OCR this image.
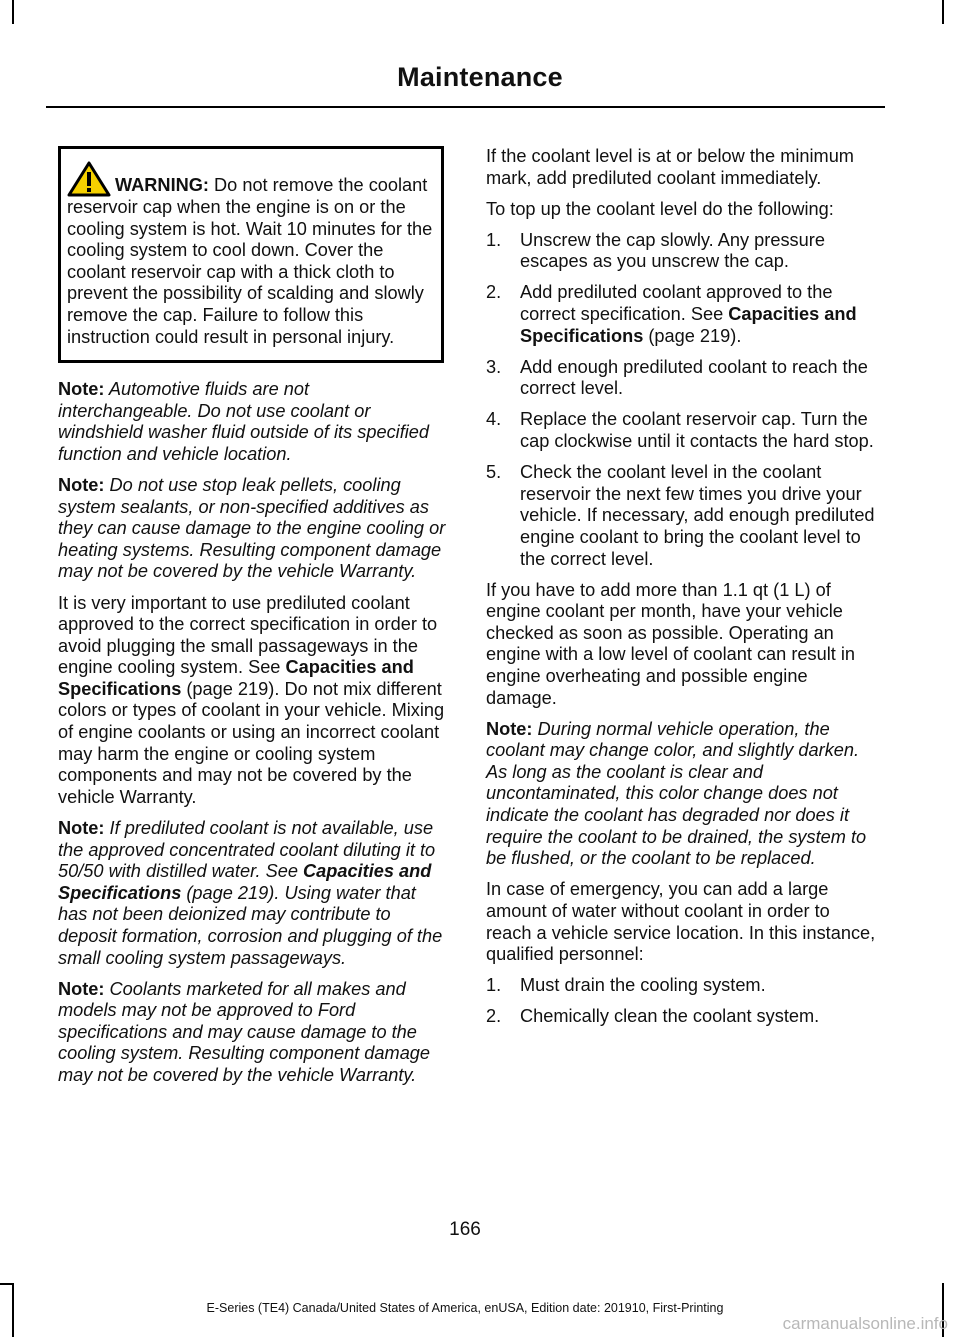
Maintenance
WARNING: Do not remove the coolant reservoir cap when the engine is on or the cooling system is hot. Wait 10 minutes for the cooling system to cool down. Cover the coolant reservoir cap with a thick cloth to prevent the possibility of scalding and slowly remove the cap. Failure to follow this instruction could result in personal injury.
Note: Automotive fluids are not interchangeable. Do not use coolant or windshield washer fluid outside of its specified function and vehicle location.
Note: Do not use stop leak pellets, cooling system sealants, or non-specified additives as they can cause damage to the engine cooling or heating systems. Resulting component damage may not be covered by the vehicle Warranty.
It is very important to use prediluted coolant approved to the correct specification in order to avoid plugging the small passageways in the engine cooling system. See Capacities and Specifications (page 219). Do not mix different colors or types of coolant in your vehicle. Mixing of engine coolants or using an incorrect coolant may harm the engine or cooling system components and may not be covered by the vehicle Warranty.
Note: If prediluted coolant is not available, use the approved concentrated coolant diluting it to 50/50 with distilled water. See Capacities and Specifications (page 219). Using water that has not been deionized may contribute to deposit formation, corrosion and plugging of the small cooling system passageways.
Note: Coolants marketed for all makes and models may not be approved to Ford specifications and may cause damage to the cooling system. Resulting component damage may not be covered by the vehicle Warranty.
If the coolant level is at or below the minimum mark, add prediluted coolant immediately.
To top up the coolant level do the following:
1.	Unscrew the cap slowly. Any pressure escapes as you unscrew the cap.
2.	Add prediluted coolant approved to the correct specification. See Capacities and Specifications (page 219).
3.	Add enough prediluted coolant to reach the correct level.
4.	Replace the coolant reservoir cap. Turn the cap clockwise until it contacts the hard stop.
5.	Check the coolant level in the coolant reservoir the next few times you drive your vehicle. If necessary, add enough prediluted engine coolant to bring the coolant level to the correct level.
If you have to add more than 1.1 qt (1 L) of engine coolant per month, have your vehicle checked as soon as possible. Operating an engine with a low level of coolant can result in engine overheating and possible engine damage.
Note: During normal vehicle operation, the coolant may change color, and slightly darken. As long as the coolant is clear and uncontaminated, this color change does not indicate the coolant has degraded nor does it require the coolant to be drained, the system to be flushed, or the coolant to be replaced.
In case of emergency, you can add a large amount of water without coolant in order to reach a vehicle service location. In this instance, qualified personnel:
1.	Must drain the cooling system.
2.	Chemically clean the coolant system.
166
E-Series (TE4) Canada/United States of America, enUSA, Edition date: 201910, First-Printing
carmanualsonline.info
